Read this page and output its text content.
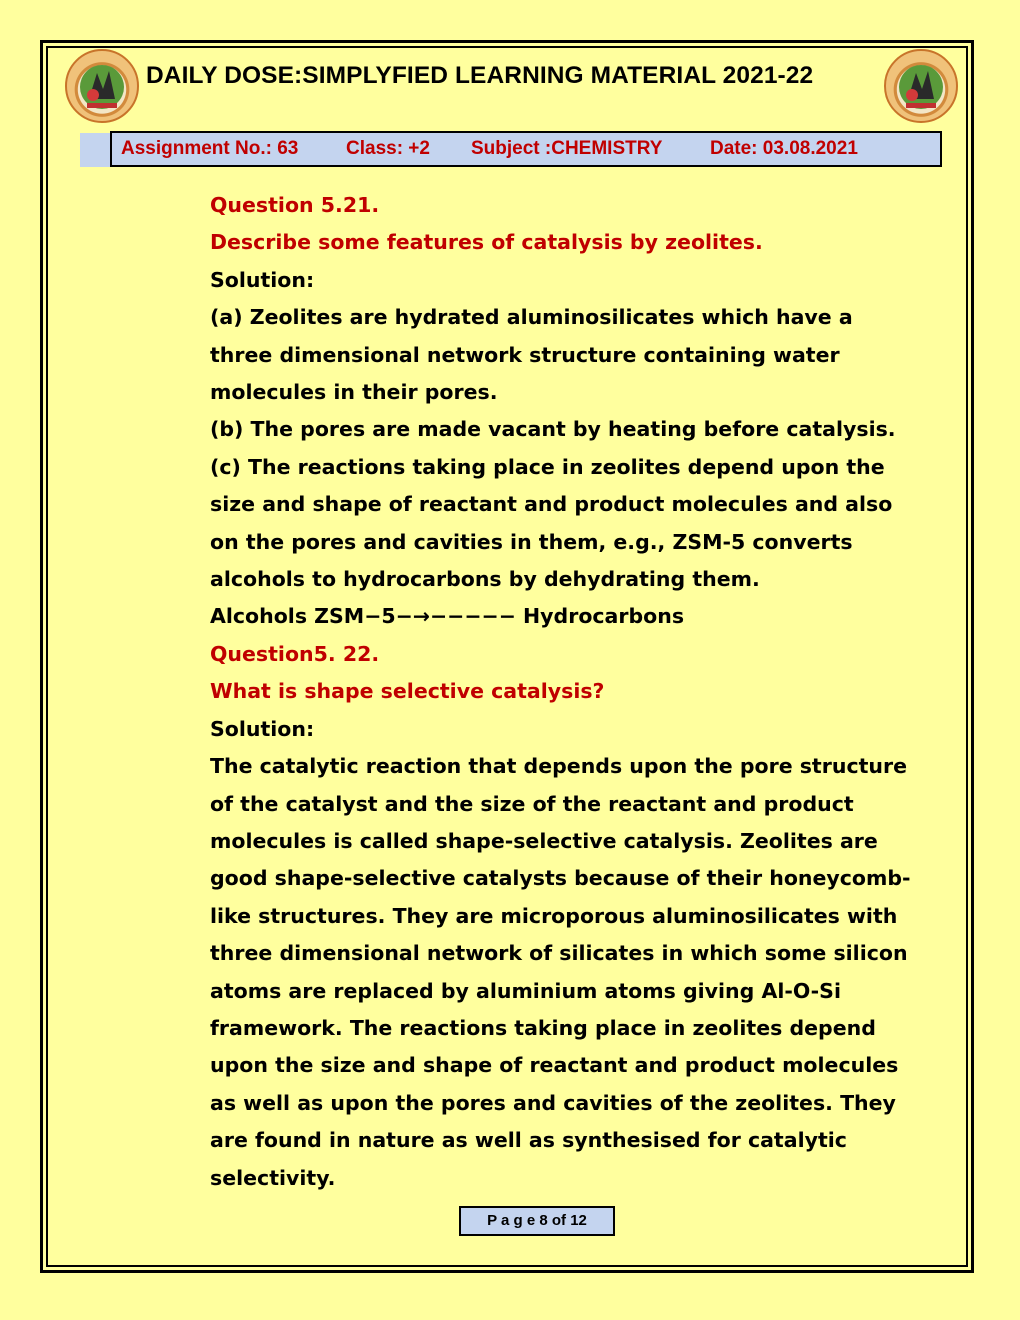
DAILY DOSE:SIMPLYFIED LEARNING MATERIAL 2021-22
Assignment No.: 63	Class: +2 Subject :CHEMISTRY	Date: 03.08.2021

Question 5.21.

Describe some features of catalysis by zeolites.

Solution:

(a) Zeolites are hydrated aluminosilicates which have a three dimensional network structure containing water molecules in their pores.

(b) The pores are made vacant by heating before catalysis.

(c) The reactions taking place in zeolites depend upon the size and shape of reactant and product molecules and also on the pores and cavities in them, e.g., ZSM-5 converts alcohols to hydrocarbons by dehydrating them.

Alcohols ZSM−5−→−−−−− Hydrocarbons

Question5. 22.

What is shape selective catalysis?

Solution:

The catalytic reaction that depends upon the pore structure of the catalyst and the size of the reactant and product molecules is called shape-selective catalysis. Zeolites are good shape-selective catalysts because of their honeycomb-like structures. They are microporous aluminosilicates with three dimensional network of silicates in which some silicon atoms are replaced by aluminium atoms giving Al-O-Si framework. The reactions taking place in zeolites depend upon the size and shape of reactant and product molecules as well as upon the pores and cavities of the zeolites. They are found in nature as well as synthesised for catalytic selectivity.

P a g e 8 of 12
